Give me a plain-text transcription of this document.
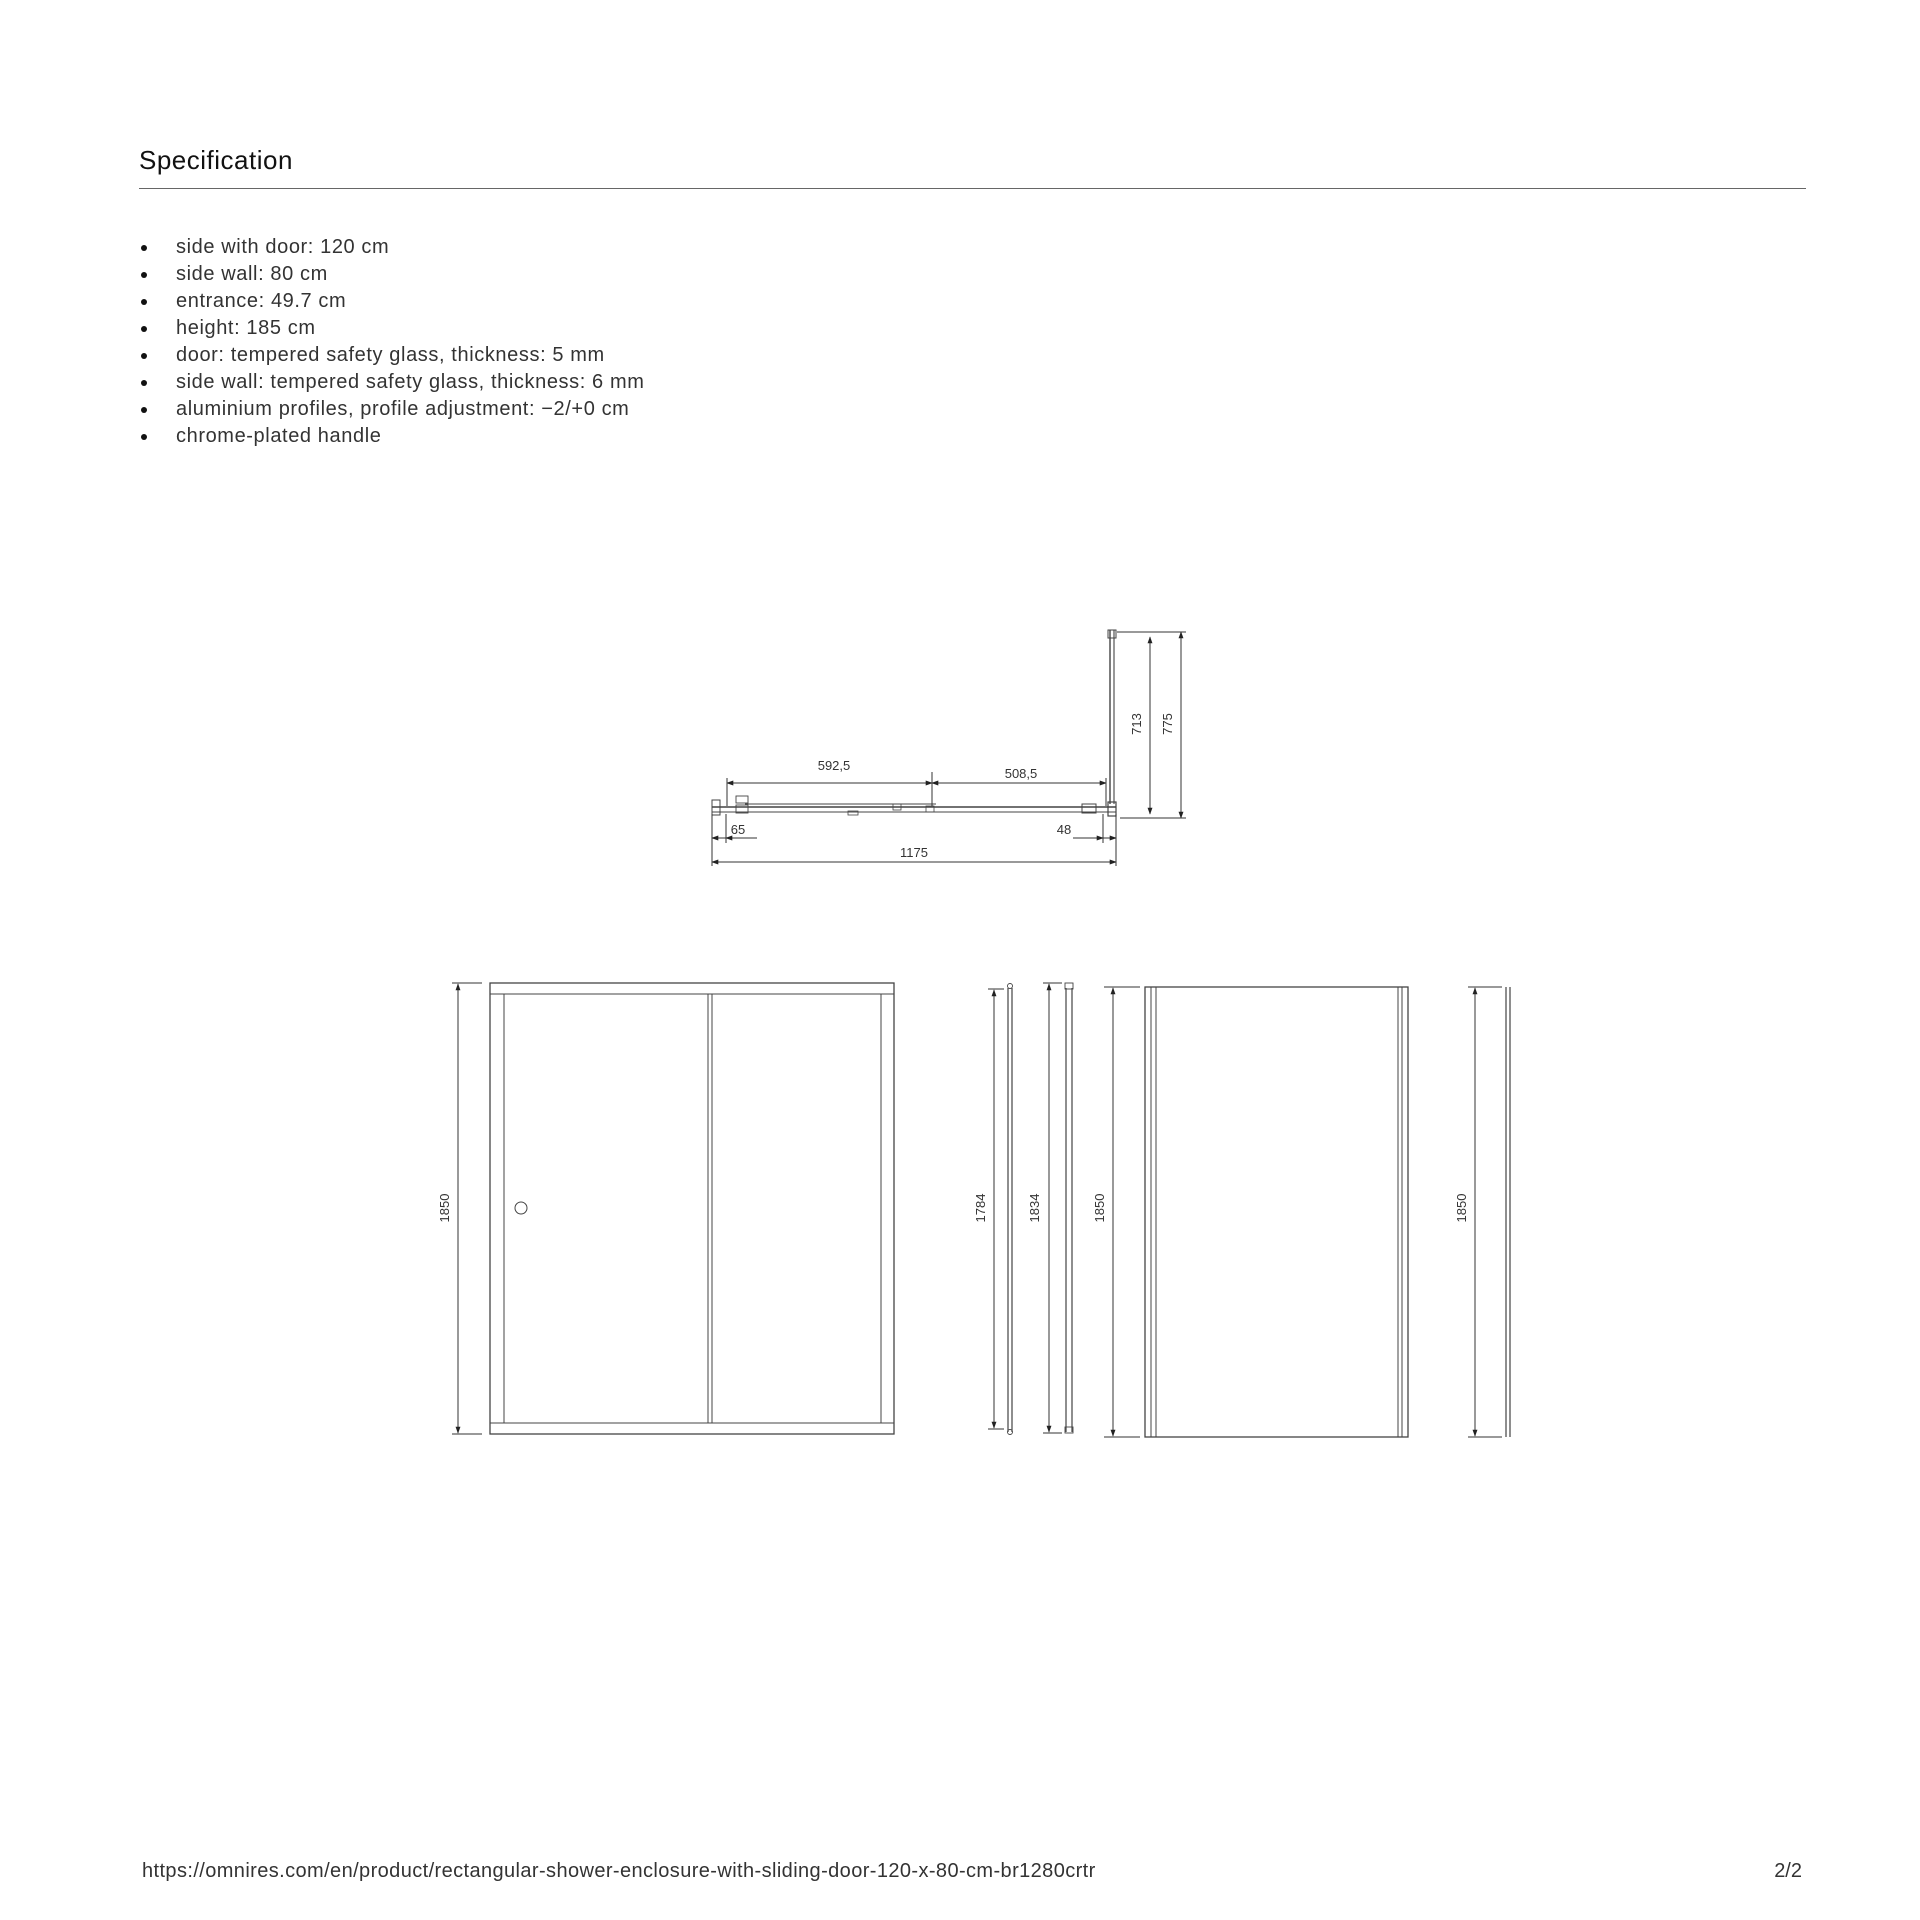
Specification
side with door: 120 cm
side wall: 80 cm
entrance: 49.7 cm
height: 185 cm
door: tempered safety glass, thickness: 5 mm
side wall: tempered safety glass, thickness: 6 mm
aluminium profiles, profile adjustment: −2/+0 cm
chrome-plated handle
592,5
508,5
65	48
1175
713 775
1850	1784	1834	1850	1850
https://omnires.com/en/product/rectangular-shower-enclosure-with-sliding-door-120-x-80-cm-br1280crtr	2/2
